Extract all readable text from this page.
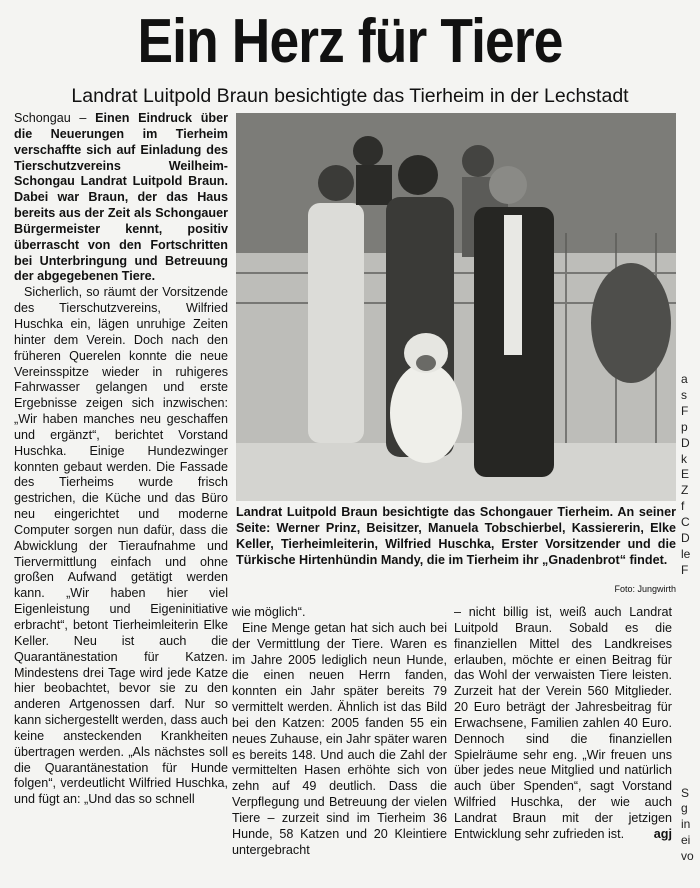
Ein Herz für Tiere
Landrat Luitpold Braun besichtigte das Tierheim in der Lechstadt

Schongau – Einen Eindruck über die Neuerungen im Tierheim verschaffte sich auf Einladung des Tierschutzvereins Weilheim-Schongau Landrat Luitpold Braun. Dabei war Braun, der das Haus bereits aus der Zeit als Schongauer Bürgermeister kennt, positiv überrascht von den Fortschritten bei Unterbringung und Betreuung der abgegebenen Tiere.

Sicherlich, so räumt der Vorsitzende des Tierschutzvereins, Wilfried Huschka ein, lägen unruhige Zeiten hinter dem Verein. Doch nach den früheren Querelen konnte die neue Vereinsspitze wieder in ruhigeres Fahrwasser gelangen und erste Ergebnisse zeigen sich inzwischen: „Wir haben manches neu geschaffen und ergänzt“, berichtet Vorstand Huschka. Einige Hundezwinger konnten gebaut werden. Die Fassade des Tierheims wurde frisch gestrichen, die Küche und das Büro neu eingerichtet und moderne Computer sorgen nun dafür, dass die Abwicklung der Tieraufnahme und Tiervermittlung einfach und ohne großen Aufwand getätigt werden kann. „Wir haben hier viel Eigenleistung und Eigeninitiative erbracht“, betont Tierheimleiterin Elke Keller. Neu ist auch die Quarantänestation für Katzen. Mindestens drei Tage wird jede Katze hier beobachtet, bevor sie zu den anderen Artgenossen darf. Nur so kann sichergestellt werden, dass auch keine ansteckenden Krankheiten übertragen werden. „Als nächstes soll die Quarantänestation für Hunde folgen“, verdeutlicht Wilfried Huschka, und fügt an: „Und das so schnell

Landrat Luitpold Braun besichtigte das Schongauer Tierheim. An seiner Seite: Werner Prinz, Beisitzer, Manuela Tobschierbel, Kassiererin, Elke Keller, Tierheimleiterin, Wilfried Huschka, Erster Vorsitzender und die Türkische Hirtenhündin Mandy, die im Tierheim ihr „Gnadenbrot“ findet.
Foto: Jungwirth

wie möglich“.

Eine Menge getan hat sich auch bei der Vermittlung der Tiere. Waren es im Jahre 2005 lediglich neun Hunde, die einen neuen Herrn fanden, konnten ein Jahr später bereits 79 vermittelt werden. Ähnlich ist das Bild bei den Katzen: 2005 fanden 55 ein neues Zuhause, ein Jahr später waren es bereits 148. Und auch die Zahl der vermittelten Hasen erhöhte sich von zehn auf 49 deutlich. Dass die Verpflegung und Betreuung der vielen Tiere – zurzeit sind im Tierheim 36 Hunde, 58 Katzen und 20 Kleintiere untergebracht

– nicht billig ist, weiß auch Landrat Luitpold Braun. Sobald es die finanziellen Mittel des Landkreises erlauben, möchte er einen Beitrag für das Wohl der verwaisten Tiere leisten. Zurzeit hat der Verein 560 Mitglieder. 20 Euro beträgt der Jahresbeitrag für Erwachsene, Familien zahlen 40 Euro. Dennoch sind die finanziellen Spielräume sehr eng. „Wir freuen uns über jedes neue Mitglied und natürlich auch über Spenden“, sagt Vorstand Wilfried Huschka, der wie auch Landrat Braun mit der jetzigen Entwicklung sehr zufrieden ist. agj

a
s
F
p
D
k
E
Z
f
C
D
le
F

S
g
in
ei
vo
